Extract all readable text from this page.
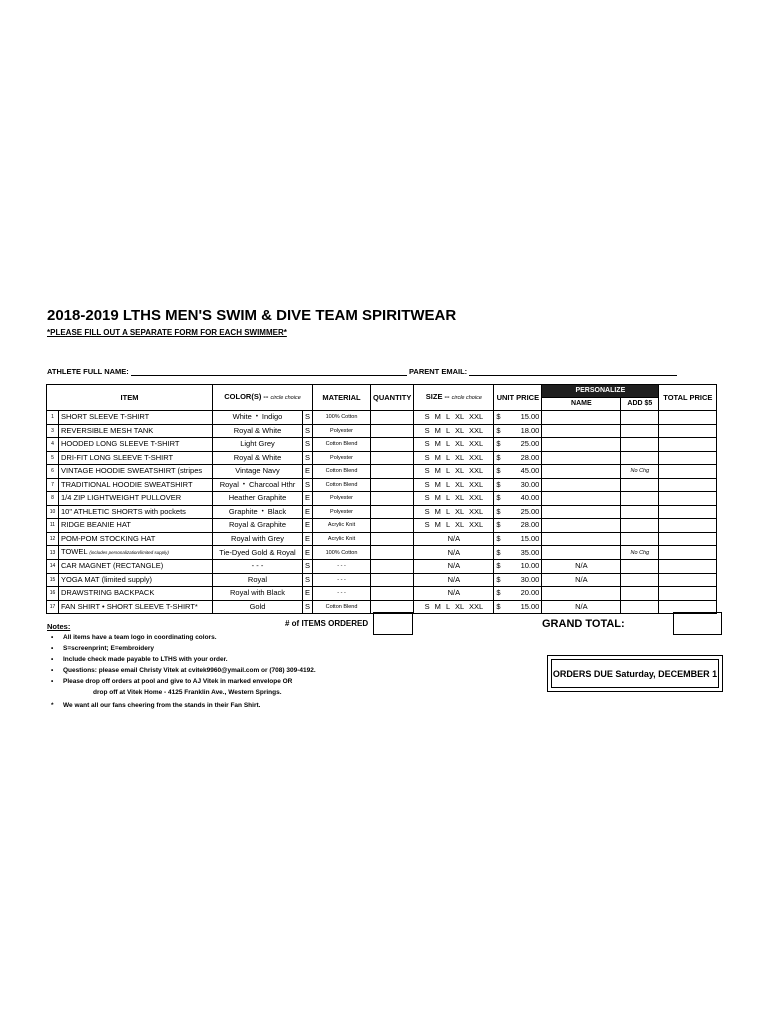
2018-2019 LTHS MEN'S SWIM & DIVE TEAM SPIRITWEAR
*PLEASE FILL OUT A SEPARATE FORM FOR EACH SWIMMER*
ATHLETE FULL NAME:	PARENT EMAIL:
ITEM		COLOR(S) -- circle choice		MATERIAL	QUANTITY	SIZE -- circle choice	UNIT PRICE		PERSONALIZE		TOTAL PRICE
									NAME	ADD $5	
1	SHORT SLEEVE T-SHIRT	White • Indigo	S	100% Cotton		S M L XL XXL	$	15.00			
3	REVERSIBLE MESH TANK	Royal & White	S	Polyester		S M L XL XXL	$	18.00			
4	HOODED LONG SLEEVE T-SHIRT	Light Grey	S	Cotton Blend		S M L XL XXL	$	25.00			
5	DRI-FIT LONG SLEEVE T-SHIRT	Royal & White	S	Polyester		S M L XL XXL	$	28.00			
6	VINTAGE HOODIE SWEATSHIRT (stripes	Vintage Navy	E	Cotton Blend		S M L XL XXL	$	45.00		No Chg	
7	TRADITIONAL HOODIE SWEATSHIRT	Royal • Charcoal Hthr	S	Cotton Blend		S M L XL XXL	$	30.00			
8	1/4 ZIP LIGHTWEIGHT PULLOVER	Heather Graphite	E	Polyester		S M L XL XXL	$	40.00			
10	10" ATHLETIC SHORTS with pockets	Graphite • Black	E	Polyester		S M L XL XXL	$	25.00			
11	RIDGE BEANIE HAT	Royal & Graphite	E	Acrylic Knit		S M L XL XXL	$	28.00			
12	POM-POM STOCKING HAT	Royal with Grey	E	Acrylic Knit		N/A	$	15.00			
13	TOWEL (includes personalization/limited supply)	Tie-Dyed Gold & Royal	E	100% Cotton		N/A	$	35.00		No Chg	
14	CAR MAGNET (RECTANGLE)	- - -	S	- - -		N/A	$	10.00	N/A		
15	YOGA MAT (limited supply)	Royal	S	- - -		N/A	$	30.00	N/A		
16	DRAWSTRING BACKPACK	Royal with Black	E	- - -		N/A	$	20.00			
17	FAN SHIRT • SHORT SLEEVE T-SHIRT*	Gold	S	Cotton Blend		S M L XL XXL	$	15.00	N/A		
# of ITEMS ORDERED	GRAND TOTAL:
Notes:
• All items have a team logo in coordinating colors.
• S=screenprint; E=embroidery
• Include check made payable to LTHS with your order.
• Questions: please email Christy Vitek at cvitek9960@ymail.com or (708) 309-4192.
• Please drop off orders at pool and give to AJ Vitek in marked envelope OR
drop off at Vitek Home - 4125 Franklin Ave., Western Springs.
* We want all our fans cheering from the stands in their Fan Shirt.
ORDERS DUE Saturday, DECEMBER 1
